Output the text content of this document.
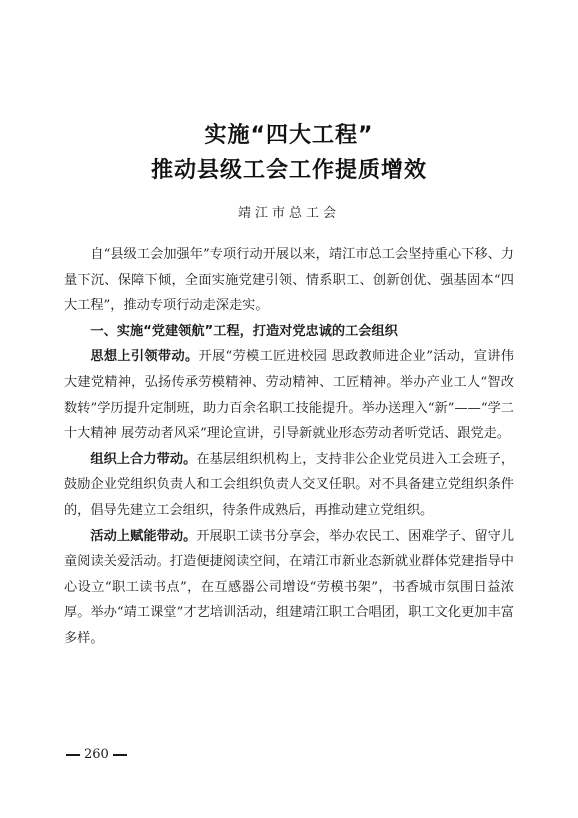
实施“四大工程”
推动县级工会工作提质增效
靖江市总工会

自“县级工会加强年”专项行动开展以来，靖江市总工会坚持重心下移、力量下沉、保障下倾，全面实施党建引领、情系职工、创新创优、强基固本“四大工程”，推动专项行动走深走实。

一、实施“党建领航”工程，打造对党忠诚的工会组织

思想上引领带动。开展“劳模工匠进校园 思政教师进企业”活动，宣讲伟大建党精神，弘扬传承劳模精神、劳动精神、工匠精神。举办产业工人“智改数转”学历提升定制班，助力百余名职工技能提升。举办送理入“新”——“学二十大精神 展劳动者风采”理论宣讲，引导新就业形态劳动者听党话、跟党走。

组织上合力带动。在基层组织机构上，支持非公企业党员进入工会班子，鼓励企业党组织负责人和工会组织负责人交叉任职。对不具备建立党组织条件的，倡导先建立工会组织，待条件成熟后，再推动建立党组织。

活动上赋能带动。开展职工读书分享会，举办农民工、困难学子、留守儿童阅读关爱活动。打造便捷阅读空间，在靖江市新业态新就业群体党建指导中心设立“职工读书点”，在互感器公司增设“劳模书架”，书香城市氛围日益浓厚。举办“靖工课堂”才艺培训活动，组建靖江职工合唱团，职工文化更加丰富多样。

260
